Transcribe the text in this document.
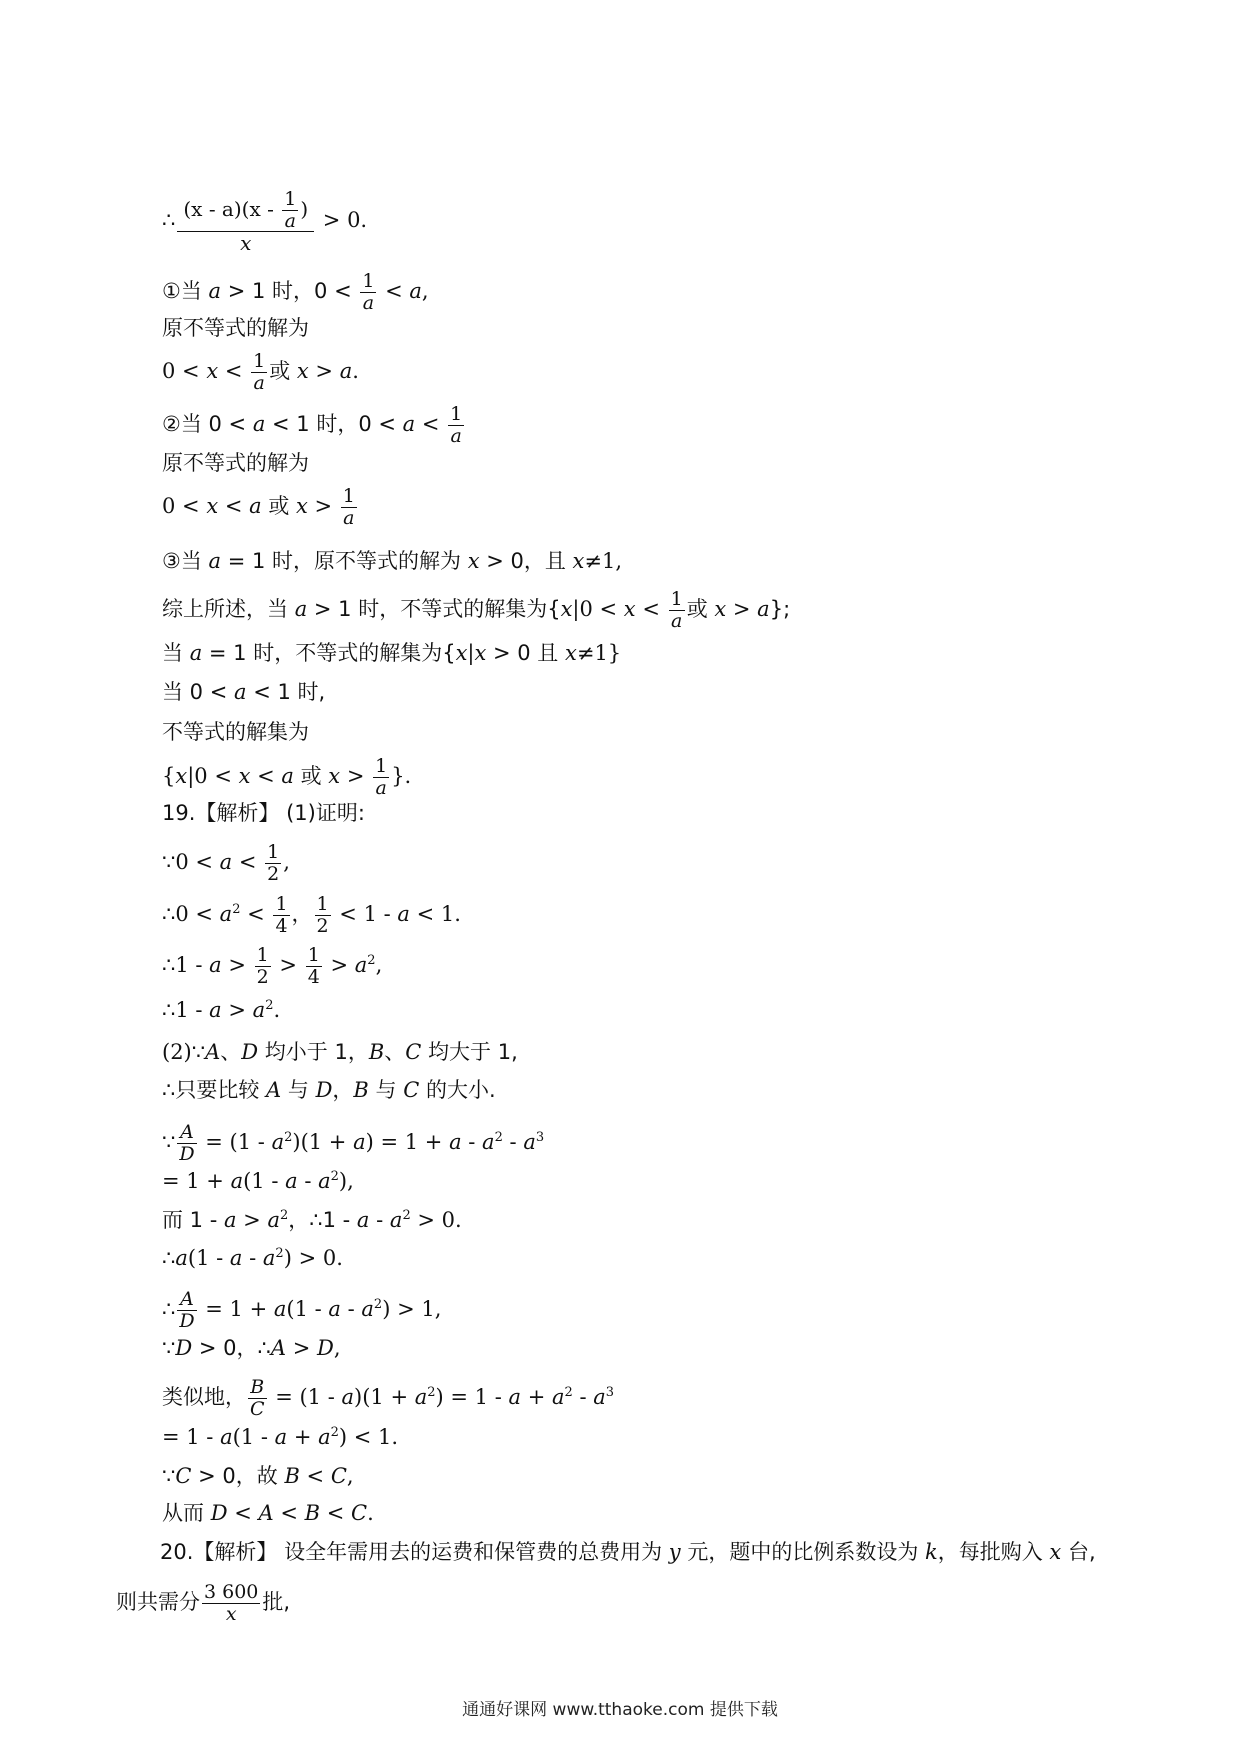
∴ $\frac{(x - a)(x - \frac{1}{a} )}{x} > 0$.
①当 a > 1 时，$0 < \frac{1}{a} < a$,
原不等式的解为
$0 < x < \frac{1}{a}$ 或 x > a.
②当 0 < a < 1 时，$0 < a < \frac{1}{a}$
原不等式的解为
0 < x < a 或 $x > \frac{1}{a}$
③当 a = 1 时，原不等式的解为 x > 0，且 x≠1,
综上所述，当 a > 1 时，不等式的解集为{$x|0 < x < \frac{1}{a}$ 或 x > a};
当 a = 1 时，不等式的解集为{x|x > 0 且 x≠1}
当 0 < a < 1 时,
不等式的解集为
{x|0 < x < a 或 $x > \frac{1}{a}$ }.
19.【解析】 (1)证明:
∵0 < $a < \frac{1}{2}$ ,
∴0 < $a^2 < \frac{1}{4}$ ， $\frac{1}{2} < 1 - a < 1$.
∴1 - $a > \frac{1}{2} > \frac{1}{4} > a^2$,
∴1 - $a > a^2$.
(2)∵A、D 均小于 1，B、C 均大于 1,
∴只要比较 A 与 D，B 与 C 的大小.
∵ $\frac{A}{D} = (1 - a^2)(1 + a) = 1 + a - a^2 - a^3$
= $1 + a(1 - a - a^2)$,
而 $1 - a > a^2$，∴1 - $a - a^2 > 0$.
∴a(1 - $a - a^2) > 0$.
∴ $\frac{A}{D} = 1 + a(1 - a - a^2) > 1$,
∵D > 0，∴A > D,
类似地， $\frac{B}{C} = (1 - a)(1 + a^2) = 1 - a + a^2 - a^3$
= $1 - a(1 - a + a^2) < 1$.
∵C > 0，故 B < C,
从而 D < A < B < C.
20.【解析】 设全年需用去的运费和保管费的总费用为 y 元，题中的比例系数设为 k，每批购入 x 台,
则共需分 $\frac{3 600}{x}$ 批,
通通好课网 www.tthaoke.com 提供下载
